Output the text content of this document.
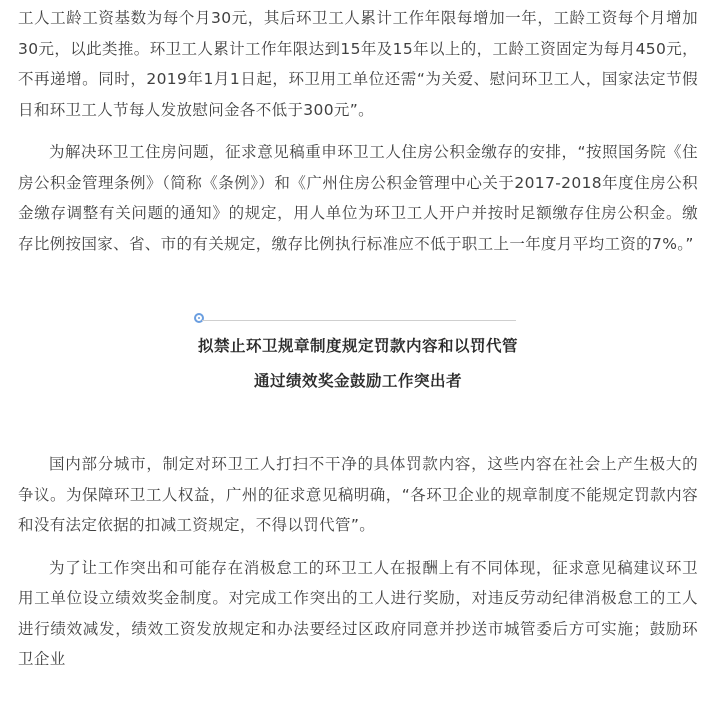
工人工龄工资基数为每个月30元，其后环卫工人累计工作年限每增加一年，工龄工资每个月增加30元，以此类推。环卫工人累计工作年限达到15年及15年以上的，工龄工资固定为每月450元，不再递增。同时，2019年1月1日起，环卫用工单位还需“为关爱、慰问环卫工人，国家法定节假日和环卫工人节每人发放慰问金各不低于300元”。

为解决环卫工住房问题，征求意见稿重申环卫工人住房公积金缴存的安排，“按照国务院《住房公积金管理条例》（简称《条例》）和《广州住房公积金管理中心关于2017-2018年度住房公积金缴存调整有关问题的通知》的规定，用人单位为环卫工人开户并按时足额缴存住房公积金。缴存比例按国家、省、市的有关规定，缴存比例执行标准应不低于职工上一年度月平均工资的7%。”

拟禁止环卫规章制度规定罚款内容和以罚代管
通过绩效奖金鼓励工作突出者

国内部分城市，制定对环卫工人打扫不干净的具体罚款内容，这些内容在社会上产生极大的争议。为保障环卫工人权益，广州的征求意见稿明确，“各环卫企业的规章制度不能规定罚款内容和没有法定依据的扣减工资规定，不得以罚代管”。

为了让工作突出和可能存在消极怠工的环卫工人在报酬上有不同体现，征求意见稿建议环卫用工单位设立绩效奖金制度。对完成工作突出的工人进行奖励，对违反劳动纪律消极怠工的工人进行绩效减发，绩效工资发放规定和办法要经过区政府同意并抄送市城管委后方可实施；鼓励环卫企业
